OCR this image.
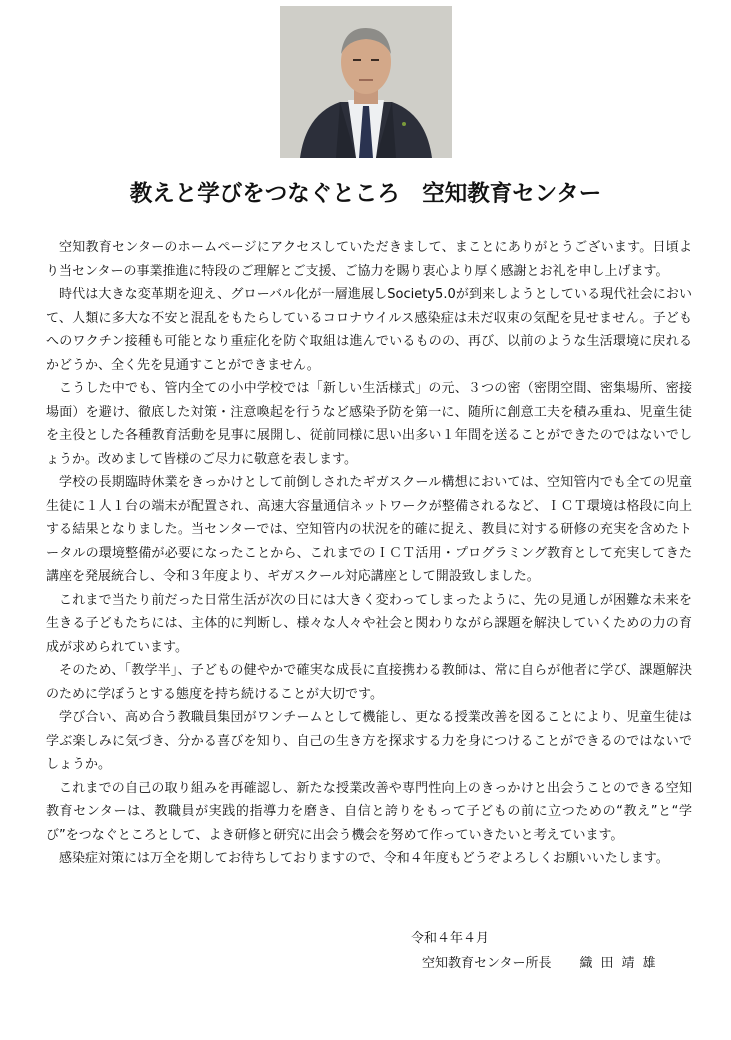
教えと学びをつなぐところ　空知教育センター

空知教育センターのホームページにアクセスしていただきまして、まことにありがとうございます。日頃より当センターの事業推進に特段のご理解とご支援、ご協力を賜り衷心より厚く感謝とお礼を申し上げます。

時代は大きな変革期を迎え、グローバル化が一層進展しSociety5.0が到来しようとしている現代社会において、人類に多大な不安と混乱をもたらしているコロナウイルス感染症は未だ収束の気配を見せません。子どもへのワクチン接種も可能となり重症化を防ぐ取組は進んでいるものの、再び、以前のような生活環境に戻れるかどうか、全く先を見通すことができません。

こうした中でも、管内全ての小中学校では「新しい生活様式」の元、３つの密（密閉空間、密集場所、密接場面）を避け、徹底した対策・注意喚起を行うなど感染予防を第一に、随所に創意工夫を積み重ね、児童生徒を主役とした各種教育活動を見事に展開し、従前同様に思い出多い１年間を送ることができたのではないでしょうか。改めまして皆様のご尽力に敬意を表します。

学校の長期臨時休業をきっかけとして前倒しされたギガスクール構想においては、空知管内でも全ての児童生徒に１人１台の端末が配置され、高速大容量通信ネットワークが整備されるなど、ＩＣＴ環境は格段に向上する結果となりました。当センターでは、空知管内の状況を的確に捉え、教員に対する研修の充実を含めたトータルの環境整備が必要になったことから、これまでのＩＣＴ活用・プログラミング教育として充実してきた講座を発展統合し、令和３年度より、ギガスクール対応講座として開設致しました。

これまで当たり前だった日常生活が次の日には大きく変わってしまったように、先の見通しが困難な未来を生きる子どもたちには、主体的に判断し、様々な人々や社会と関わりながら課題を解決していくための力の育成が求められています。

そのため、「教学半」、子どもの健やかで確実な成長に直接携わる教師は、常に自らが他者に学び、課題解決のために学ぼうとする態度を持ち続けることが大切です。

学び合い、高め合う教職員集団がワンチームとして機能し、更なる授業改善を図ることにより、児童生徒は学ぶ楽しみに気づき、分かる喜びを知り、自己の生き方を探求する力を身につけることができるのではないでしょうか。

これまでの自己の取り組みを再確認し、新たな授業改善や専門性向上のきっかけと出会うことのできる空知教育センターは、教職員が実践的指導力を磨き、自信と誇りをもって子どもの前に立つための“教え”と“学び”をつなぐところとして、よき研修と研究に出会う機会を努めて作っていきたいと考えています。

感染症対策には万全を期してお待ちしておりますので、令和４年度もどうぞよろしくお願いいたします。

令和４年４月
空知教育センター所長 織田靖雄
